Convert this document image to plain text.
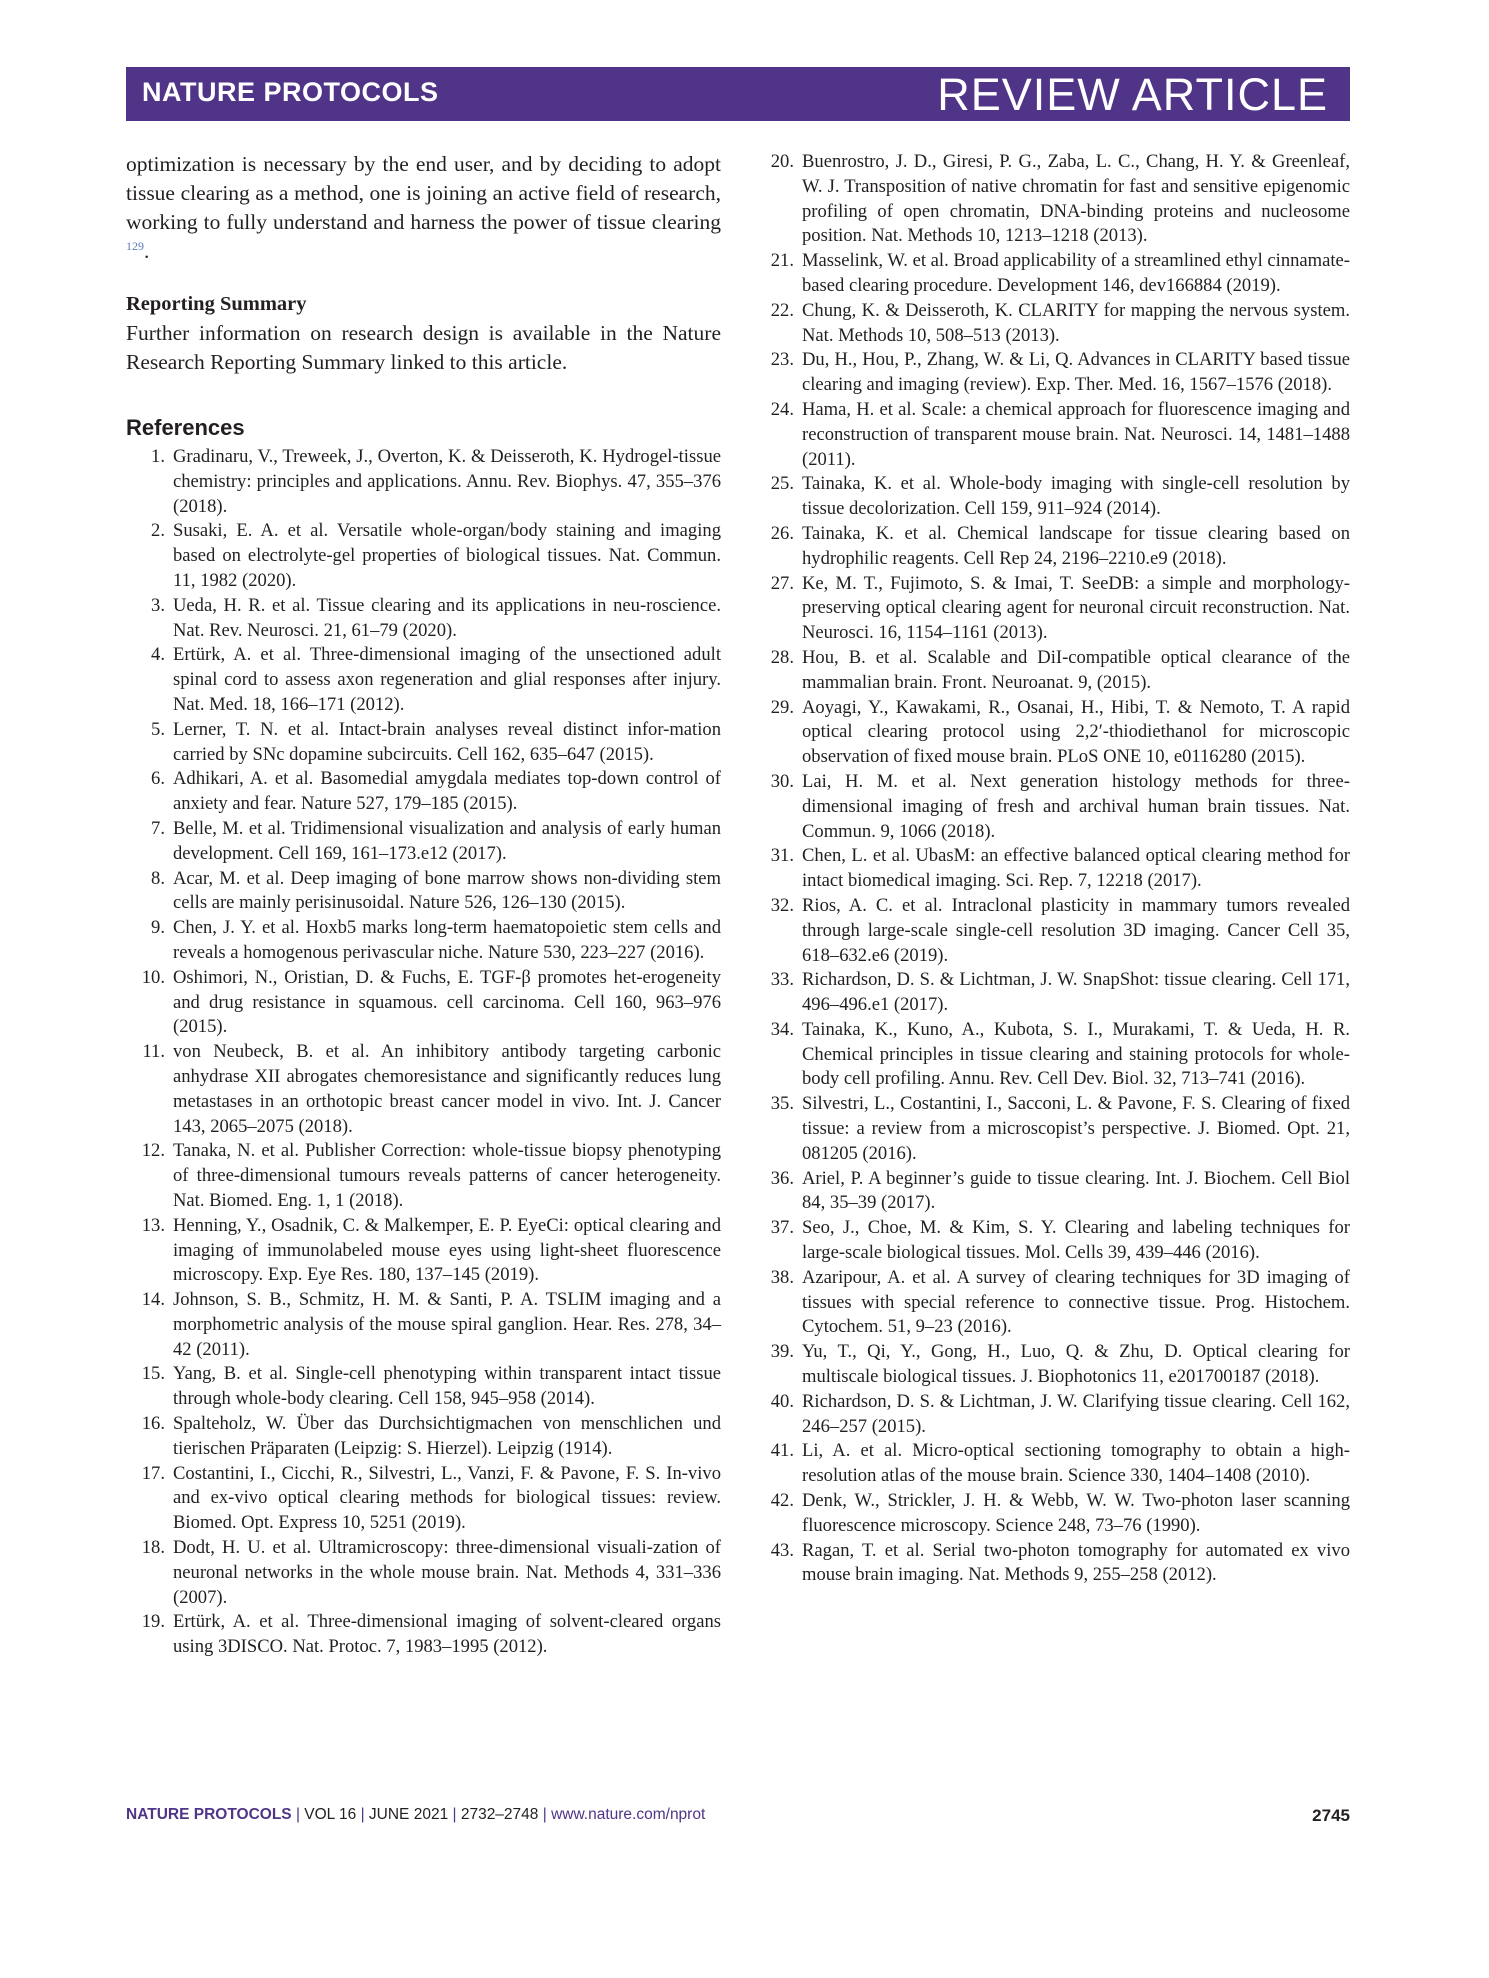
NATURE PROTOCOLS	REVIEW ARTICLE

optimization is necessary by the end user, and by deciding to adopt tissue clearing as a method, one is joining an active field of research, working to fully understand and harness the power of tissue clearing $^{129}$.

Reporting Summary

Further information on research design is available in the Nature Research Reporting Summary linked to this article.

References
1. Gradinaru, V., Treweek, J., Overton, K. & Deisseroth, K. Hydrogel-tissue chemistry: principles and applications. Annu. Rev. Biophys. 47, 355–376 (2018).
2. Susaki, E. A. et al. Versatile whole-organ/body staining and imaging based on electrolyte-gel properties of biological tissues. Nat. Commun. 11, 1982 (2020).
3. Ueda, H. R. et al. Tissue clearing and its applications in neu-roscience. Nat. Rev. Neurosci. 21, 61–79 (2020).
4. Ertürk, A. et al. Three-dimensional imaging of the unsectioned adult spinal cord to assess axon regeneration and glial responses after injury. Nat. Med. 18, 166–171 (2012).
5. Lerner, T. N. et al. Intact-brain analyses reveal distinct infor-mation carried by SNc dopamine subcircuits. Cell 162, 635–647 (2015).
6. Adhikari, A. et al. Basomedial amygdala mediates top-down control of anxiety and fear. Nature 527, 179–185 (2015).
7. Belle, M. et al. Tridimensional visualization and analysis of early human development. Cell 169, 161–173.e12 (2017).
8. Acar, M. et al. Deep imaging of bone marrow shows non-dividing stem cells are mainly perisinusoidal. Nature 526, 126–130 (2015).
9. Chen, J. Y. et al. Hoxb5 marks long-term haematopoietic stem cells and reveals a homogenous perivascular niche. Nature 530, 223–227 (2016).
10. Oshimori, N., Oristian, D. & Fuchs, E. TGF-β promotes het-erogeneity and drug resistance in squamous. cell carcinoma. Cell 160, 963–976 (2015).
11. von Neubeck, B. et al. An inhibitory antibody targeting carbonic anhydrase XII abrogates chemoresistance and significantly reduces lung metastases in an orthotopic breast cancer model in vivo. Int. J. Cancer 143, 2065–2075 (2018).
12. Tanaka, N. et al. Publisher Correction: whole-tissue biopsy phenotyping of three-dimensional tumours reveals patterns of cancer heterogeneity. Nat. Biomed. Eng. 1, 1 (2018).
13. Henning, Y., Osadnik, C. & Malkemper, E. P. EyeCi: optical clearing and imaging of immunolabeled mouse eyes using light-sheet fluorescence microscopy. Exp. Eye Res. 180, 137–145 (2019).
14. Johnson, S. B., Schmitz, H. M. & Santi, P. A. TSLIM imaging and a morphometric analysis of the mouse spiral ganglion. Hear. Res. 278, 34–42 (2011).
15. Yang, B. et al. Single-cell phenotyping within transparent intact tissue through whole-body clearing. Cell 158, 945–958 (2014).
16. Spalteholz, W. Über das Durchsichtigmachen von menschlichen und tierischen Präparaten (Leipzig: S. Hierzel). Leipzig (1914).
17. Costantini, I., Cicchi, R., Silvestri, L., Vanzi, F. & Pavone, F. S. In-vivo and ex-vivo optical clearing methods for biological tissues: review. Biomed. Opt. Express 10, 5251 (2019).
18. Dodt, H. U. et al. Ultramicroscopy: three-dimensional visuali-zation of neuronal networks in the whole mouse brain. Nat. Methods 4, 331–336 (2007).
19. Ertürk, A. et al. Three-dimensional imaging of solvent-cleared organs using 3DISCO. Nat. Protoc. 7, 1983–1995 (2012).
20. Buenrostro, J. D., Giresi, P. G., Zaba, L. C., Chang, H. Y. & Greenleaf, W. J. Transposition of native chromatin for fast and sensitive epigenomic profiling of open chromatin, DNA-binding proteins and nucleosome position. Nat. Methods 10, 1213–1218 (2013).
21. Masselink, W. et al. Broad applicability of a streamlined ethyl cinnamate-based clearing procedure. Development 146, dev166884 (2019).
22. Chung, K. & Deisseroth, K. CLARITY for mapping the nervous system. Nat. Methods 10, 508–513 (2013).
23. Du, H., Hou, P., Zhang, W. & Li, Q. Advances in CLARITY based tissue clearing and imaging (review). Exp. Ther. Med. 16, 1567–1576 (2018).
24. Hama, H. et al. Scale: a chemical approach for fluorescence imaging and reconstruction of transparent mouse brain. Nat. Neurosci. 14, 1481–1488 (2011).
25. Tainaka, K. et al. Whole-body imaging with single-cell resolution by tissue decolorization. Cell 159, 911–924 (2014).
26. Tainaka, K. et al. Chemical landscape for tissue clearing based on hydrophilic reagents. Cell Rep 24, 2196–2210.e9 (2018).
27. Ke, M. T., Fujimoto, S. & Imai, T. SeeDB: a simple and morphology-preserving optical clearing agent for neuronal circuit reconstruction. Nat. Neurosci. 16, 1154–1161 (2013).
28. Hou, B. et al. Scalable and DiI-compatible optical clearance of the mammalian brain. Front. Neuroanat. 9, (2015).
29. Aoyagi, Y., Kawakami, R., Osanai, H., Hibi, T. & Nemoto, T. A rapid optical clearing protocol using 2,2′-thiodiethanol for microscopic observation of fixed mouse brain. PLoS ONE 10, e0116280 (2015).
30. Lai, H. M. et al. Next generation histology methods for three-dimensional imaging of fresh and archival human brain tissues. Nat. Commun. 9, 1066 (2018).
31. Chen, L. et al. UbasM: an effective balanced optical clearing method for intact biomedical imaging. Sci. Rep. 7, 12218 (2017).
32. Rios, A. C. et al. Intraclonal plasticity in mammary tumors revealed through large-scale single-cell resolution 3D imaging. Cancer Cell 35, 618–632.e6 (2019).
33. Richardson, D. S. & Lichtman, J. W. SnapShot: tissue clearing. Cell 171, 496–496.e1 (2017).
34. Tainaka, K., Kuno, A., Kubota, S. I., Murakami, T. & Ueda, H. R. Chemical principles in tissue clearing and staining protocols for whole-body cell profiling. Annu. Rev. Cell Dev. Biol. 32, 713–741 (2016).
35. Silvestri, L., Costantini, I., Sacconi, L. & Pavone, F. S. Clearing of fixed tissue: a review from a microscopist’s perspective. J. Biomed. Opt. 21, 081205 (2016).
36. Ariel, P. A beginner’s guide to tissue clearing. Int. J. Biochem. Cell Biol 84, 35–39 (2017).
37. Seo, J., Choe, M. & Kim, S. Y. Clearing and labeling techniques for large-scale biological tissues. Mol. Cells 39, 439–446 (2016).
38. Azaripour, A. et al. A survey of clearing techniques for 3D imaging of tissues with special reference to connective tissue. Prog. Histochem. Cytochem. 51, 9–23 (2016).
39. Yu, T., Qi, Y., Gong, H., Luo, Q. & Zhu, D. Optical clearing for multiscale biological tissues. J. Biophotonics 11, e201700187 (2018).
40. Richardson, D. S. & Lichtman, J. W. Clarifying tissue clearing. Cell 162, 246–257 (2015).
41. Li, A. et al. Micro-optical sectioning tomography to obtain a high-resolution atlas of the mouse brain. Science 330, 1404–1408 (2010).
42. Denk, W., Strickler, J. H. & Webb, W. W. Two-photon laser scanning fluorescence microscopy. Science 248, 73–76 (1990).
43. Ragan, T. et al. Serial two-photon tomography for automated ex vivo mouse brain imaging. Nat. Methods 9, 255–258 (2012).
NATURE PROTOCOLS | VOL 16 | JUNE 2021 | 2732–2748 | www.nature.com/nprot	2745
